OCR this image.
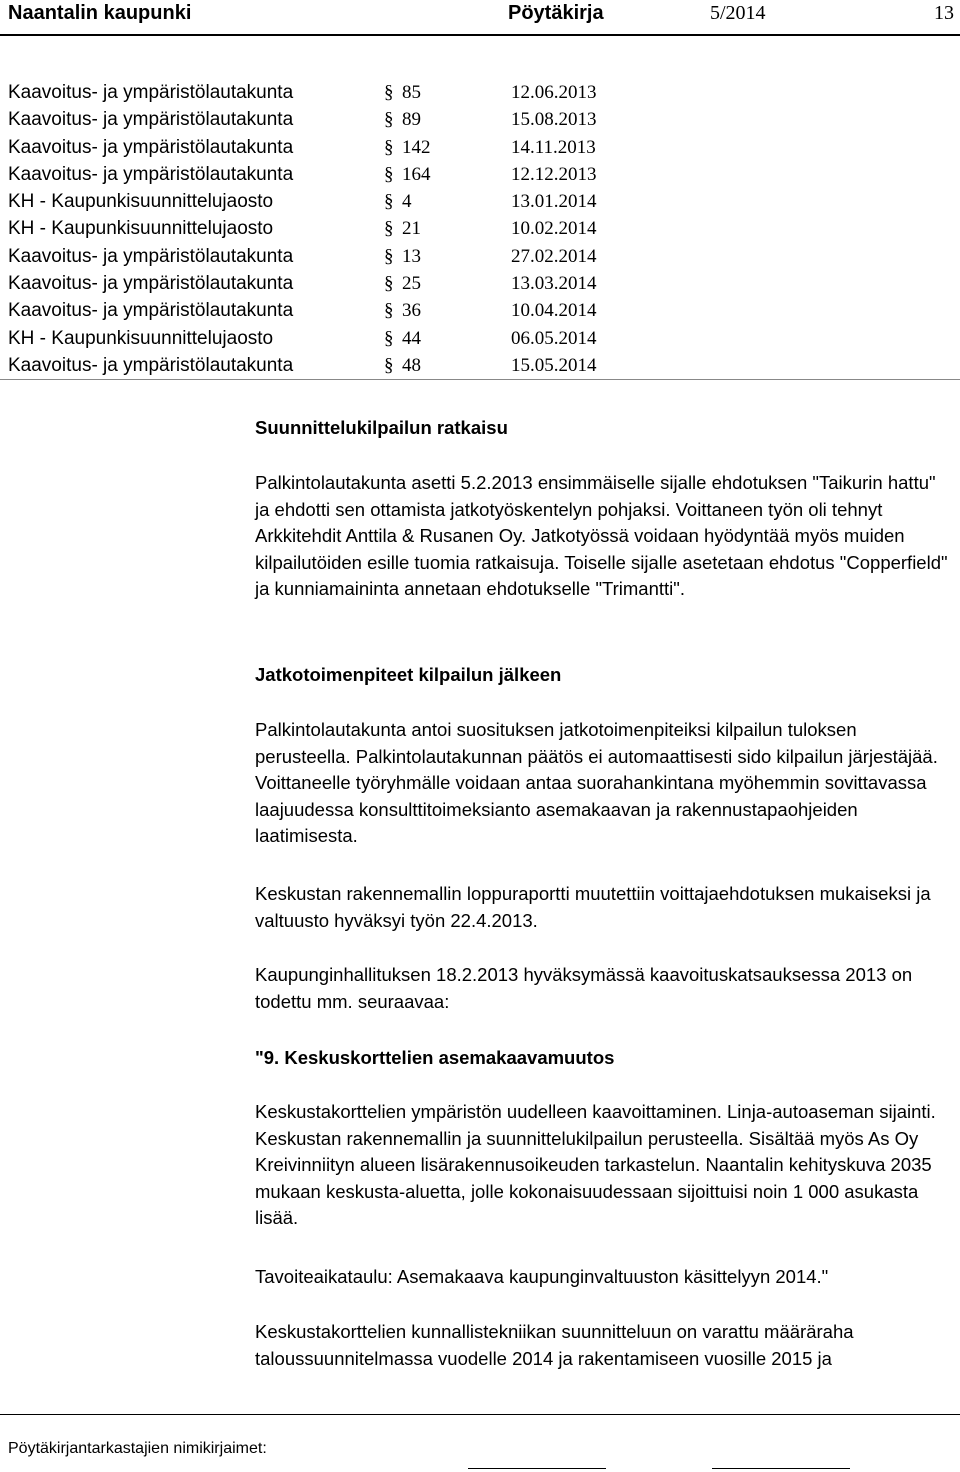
Naantalin kaupunki	Pöytäkirja	5/2014	13
Kaavoitus- ja ympäristölautakunta	§ 85	12.06.2013
Kaavoitus- ja ympäristölautakunta	§ 89	15.08.2013
Kaavoitus- ja ympäristölautakunta	§ 142	14.11.2013
Kaavoitus- ja ympäristölautakunta	§ 164	12.12.2013
KH - Kaupunkisuunnittelujaosto	§ 4	13.01.2014
KH - Kaupunkisuunnittelujaosto	§ 21	10.02.2014
Kaavoitus- ja ympäristölautakunta	§ 13	27.02.2014
Kaavoitus- ja ympäristölautakunta	§ 25	13.03.2014
Kaavoitus- ja ympäristölautakunta	§ 36	10.04.2014
KH - Kaupunkisuunnittelujaosto	§ 44	06.05.2014
Kaavoitus- ja ympäristölautakunta	§ 48	15.05.2014

Suunnittelukilpailun ratkaisu

Palkintolautakunta asetti 5.2.2013 ensimmäiselle sijalle ehdotuksen "Taikurin hattu" ja ehdotti sen ottamista jatkotyöskentelyn pohjaksi. Voittaneen työn oli tehnyt Arkkitehdit Anttila & Rusanen Oy. Jatkotyössä voidaan hyödyntää myös muiden kilpailutöiden esille tuomia ratkaisuja. Toiselle sijalle asetetaan ehdotus "Copperfield" ja kunniamaininta annetaan ehdotukselle "Trimantti".

Jatkotoimenpiteet kilpailun jälkeen

Palkintolautakunta antoi suosituksen jatkotoimenpiteiksi kilpailun tuloksen perusteella. Palkintolautakunnan päätös ei automaattisesti sido kilpailun järjestäjää. Voittaneelle työryhmälle voidaan antaa suorahankintana myöhemmin sovittavassa laajuudessa konsulttitoimeksianto asemakaavan ja rakennustapaohjeiden laatimisesta.

Keskustan rakennemallin loppuraportti muutettiin voittajaehdotuksen mukaiseksi ja valtuusto hyväksyi työn 22.4.2013.

Kaupunginhallituksen 18.2.2013 hyväksymässä kaavoituskatsauksessa 2013 on todettu mm. seuraavaa:

"9. Keskuskorttelien asemakaavamuutos

Keskustakorttelien ympäristön uudelleen kaavoittaminen. Linja-autoaseman sijainti. Keskustan rakennemallin ja suunnittelukilpailun perusteella. Sisältää myös As Oy Kreivinniityn alueen lisärakennusoikeuden tarkastelun. Naantalin kehityskuva 2035 mukaan keskusta-aluetta, jolle kokonaisuudessaan sijoittuisi noin 1 000 asukasta lisää.

Tavoiteaikataulu: Asemakaava kaupunginvaltuuston käsittelyyn 2014."

Keskustakorttelien kunnallistekniikan suunnitteluun on varattu määräraha taloussuunnitelmassa vuodelle 2014 ja rakentamiseen vuosille 2015 ja

Pöytäkirjantarkastajien nimikirjaimet:
